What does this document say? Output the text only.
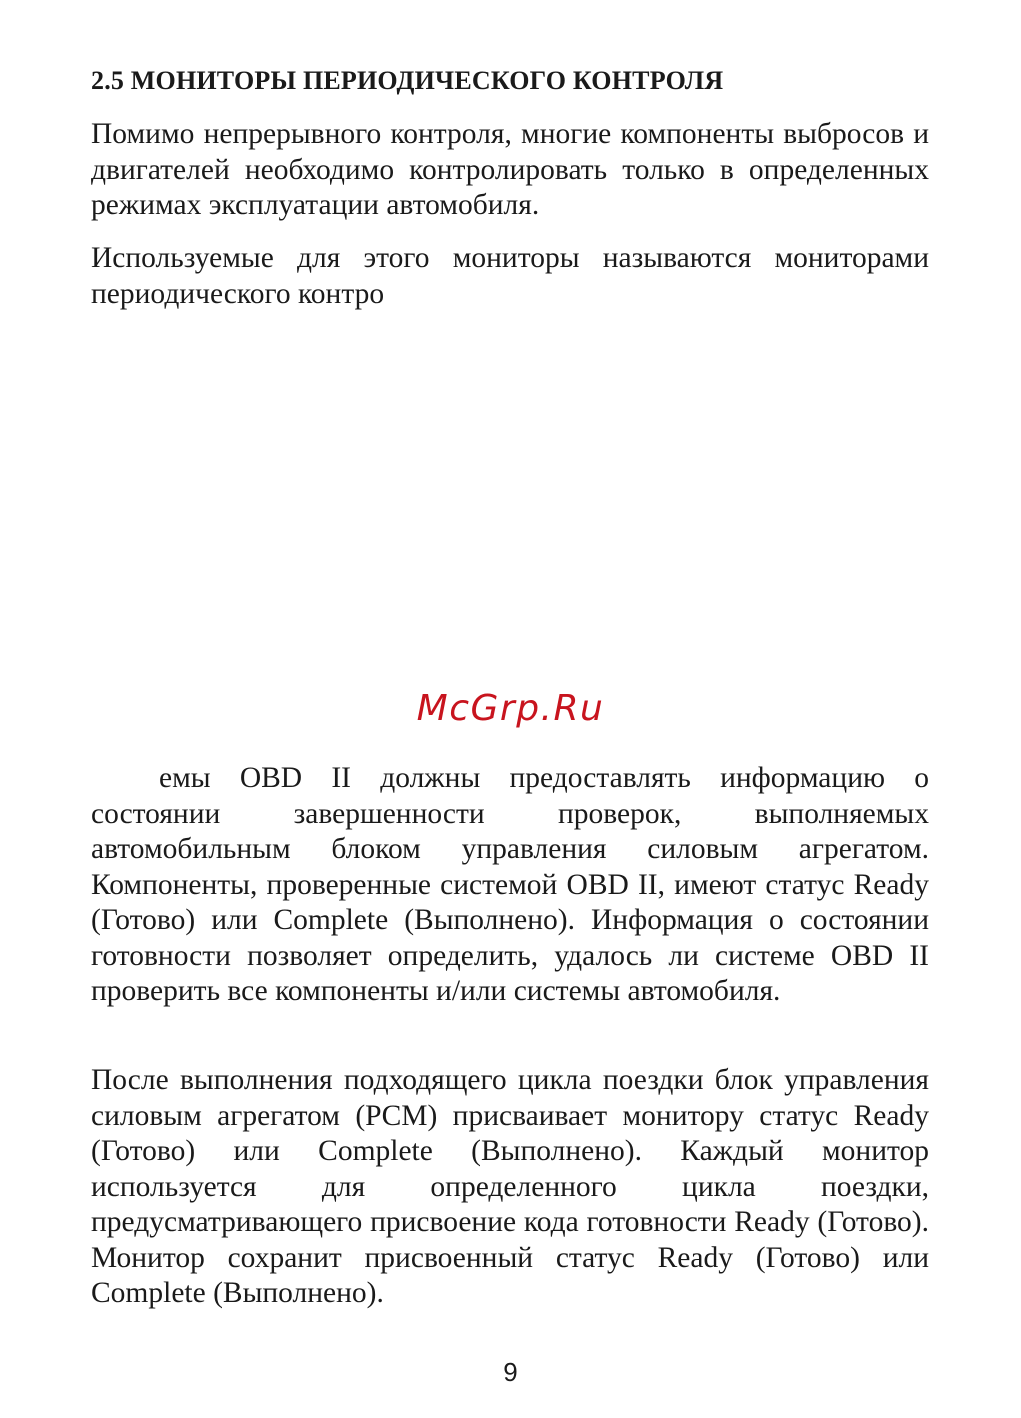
2.5 МОНИТОРЫ ПЕРИОДИЧЕСКОГО КОНТРОЛЯ

Помимо непрерывного контроля, многие компоненты выбросов и двигателей необходимо контролировать только в определенных режимах эксплуатации автомобиля.

Используемые для этого мониторы называются мониторами периодического контро

McGrp.Ru

емы OBD II должны предоставлять информацию о состоянии завершенности проверок, выполняемых автомобильным блоком управления силовым агрегатом. Компоненты, проверенные системой OBD II, имеют статус Ready (Готово) или Complete (Выполнено). Информация о состоянии готовности позволяет определить, удалось ли системе OBD II проверить все компоненты и/или системы автомобиля.

После выполнения подходящего цикла поездки блок управления силовым агрегатом (PCM) присваивает монитору статус Ready (Готово) или Complete (Выполнено). Каждый монитор используется для определенного цикла поездки, предусматривающего присвоение кода готовности Ready (Готово). Монитор сохранит присвоенный статус Ready (Готово) или Complete (Выполнено).

9
